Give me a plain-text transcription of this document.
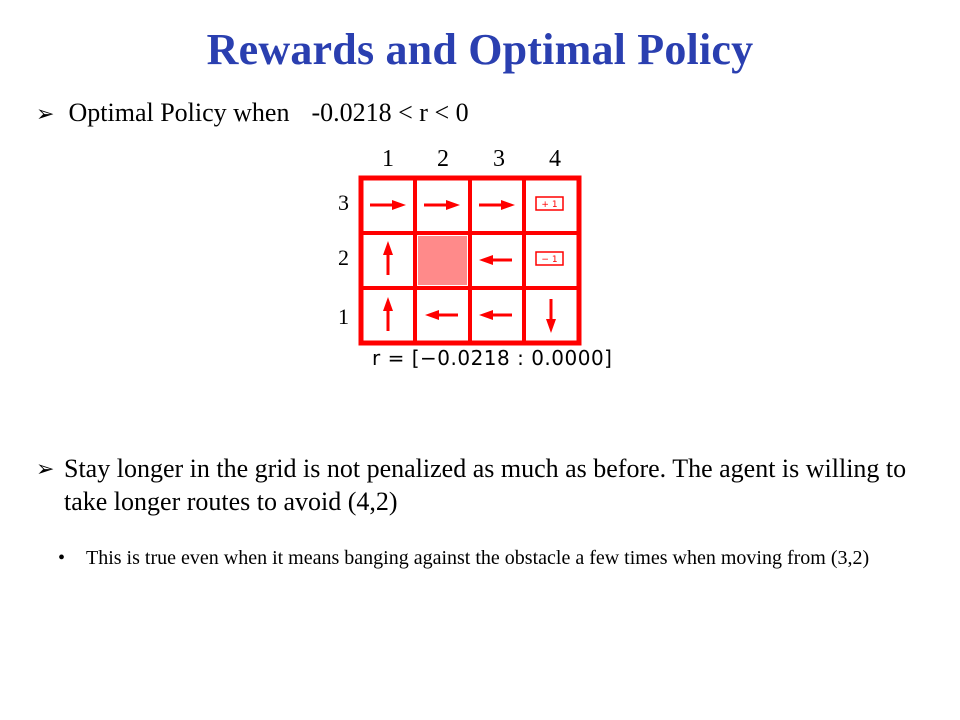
Rewards and Optimal Policy
➢ Optimal Policy when -0.0218 < r < 0
1 2 3 4
3
2
1
+ 1
− 1
r = [−0.0218 : 0.0000]
➢ Stay longer in the grid is not penalized as much as before. The agent is willing to take longer routes to avoid (4,2)
•	This is true even when it means banging against the obstacle a few times when moving from (3,2)
